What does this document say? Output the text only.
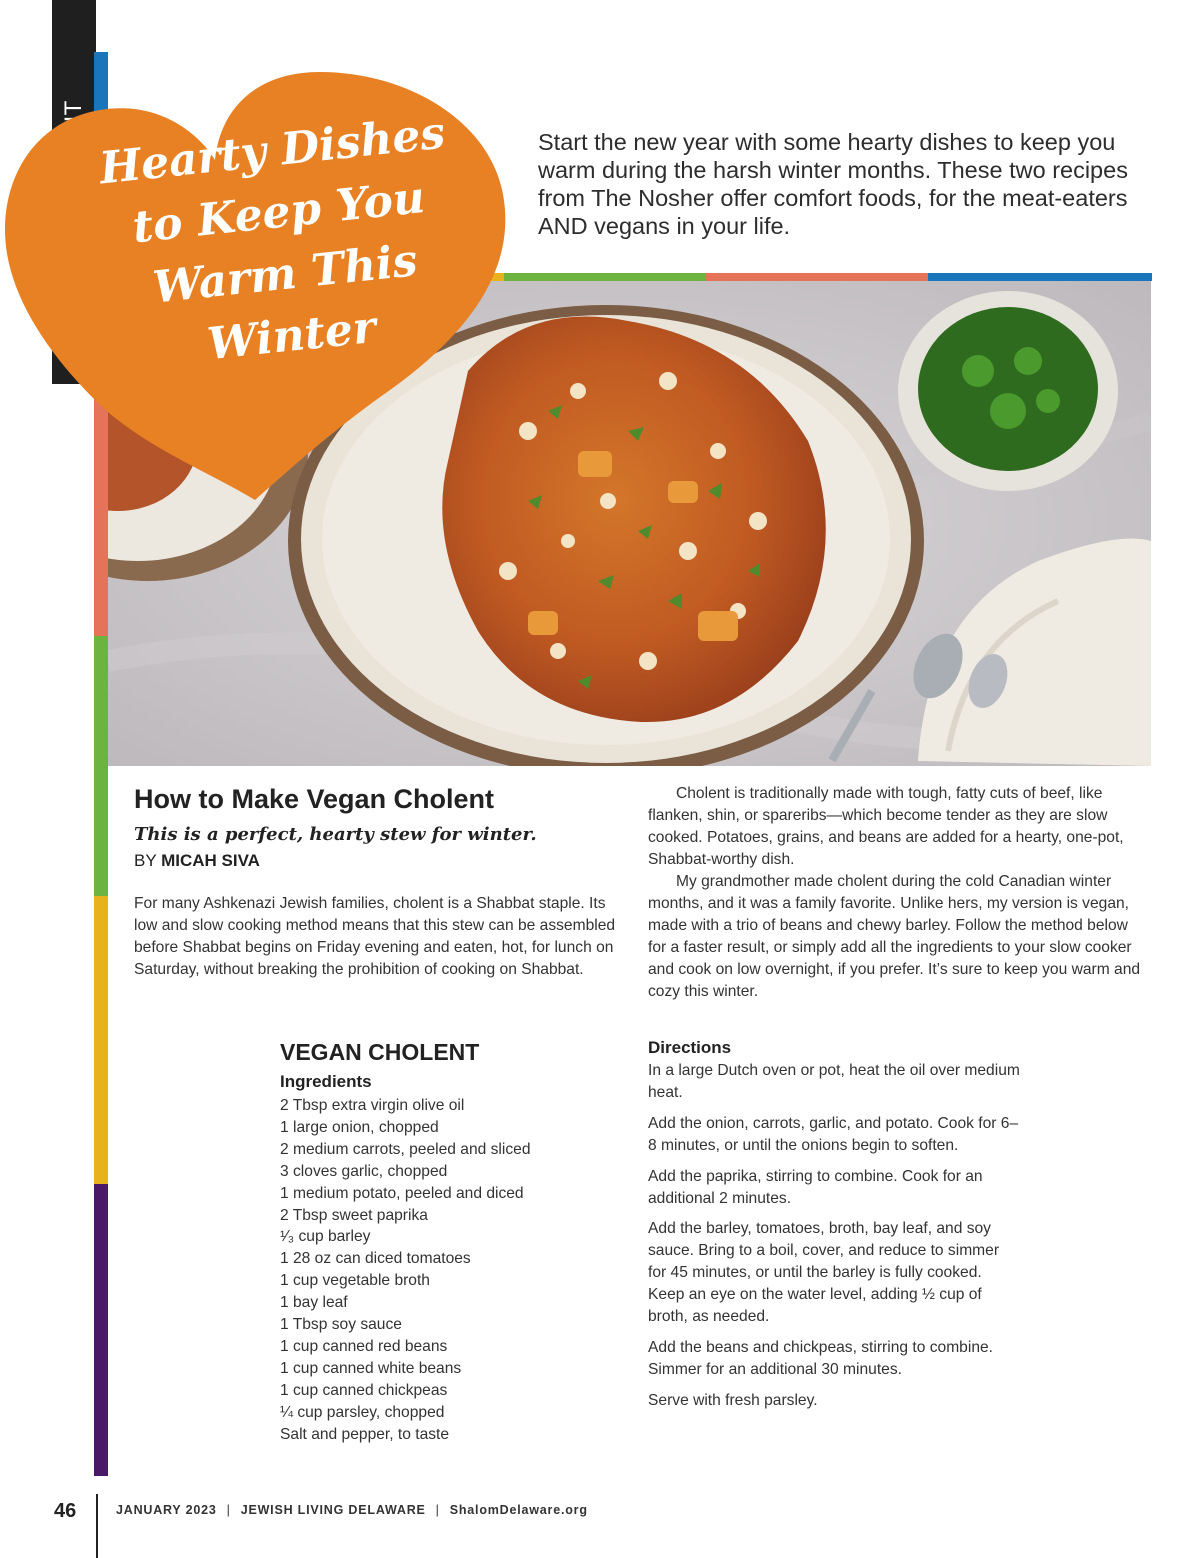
Start the new year with some hearty dishes to keep you warm during the harsh winter months. These two recipes from The Nosher offer comfort foods, for the meat-eaters AND vegans in your life.
Hearty Dishes
to Keep You
Warm This
Winter
How to Make Vegan Cholent
This is a perfect, hearty stew for winter.
BY MICAH SIVA
For many Ashkenazi Jewish families, cholent is a Shabbat staple. Its low and slow cooking method means that this stew can be assembled before Shabbat begins on Friday evening and eaten, hot, for lunch on Saturday, without breaking the prohibition of cooking on Shabbat.

Cholent is traditionally made with tough, fatty cuts of beef, like flanken, shin, or spareribs—which become tender as they are slow cooked. Potatoes, grains, and beans are added for a hearty, one-pot, Shabbat-worthy dish.

My grandmother made cholent during the cold Canadian winter months, and it was a family favorite. Unlike hers, my version is vegan, made with a trio of beans and chewy barley. Follow the method below for a faster result, or simply add all the ingredients to your slow cooker and cook on low overnight, if you prefer. It’s sure to keep you warm and cozy this winter.

VEGAN CHOLENT
Ingredients
2 Tbsp extra virgin olive oil
1 large onion, chopped
2 medium carrots, peeled and sliced
3 cloves garlic, chopped
1 medium potato, peeled and diced
2 Tbsp sweet paprika
¹⁄₃ cup barley
1 28 oz can diced tomatoes
1 cup vegetable broth
1 bay leaf
1 Tbsp soy sauce
1 cup canned red beans
1 cup canned white beans
1 cup canned chickpeas
¼ cup parsley, chopped
Salt and pepper, to taste
Directions
In a large Dutch oven or pot, heat the oil over medium heat.
Add the onion, carrots, garlic, and potato. Cook for 6–8 minutes, or until the onions begin to soften.
Add the paprika, stirring to combine. Cook for an additional 2 minutes.
Add the barley, tomatoes, broth, bay leaf, and soy sauce. Bring to a boil, cover, and reduce to simmer for 45 minutes, or until the barley is fully cooked. Keep an eye on the water level, adding ½ cup of broth, as needed.
Add the beans and chickpeas, stirring to combine. Simmer for an additional 30 minutes.
Serve with fresh parsley.
46	JANUARY 2023 | JEWISH LIVING DELAWARE | ShalomDelaware.org
